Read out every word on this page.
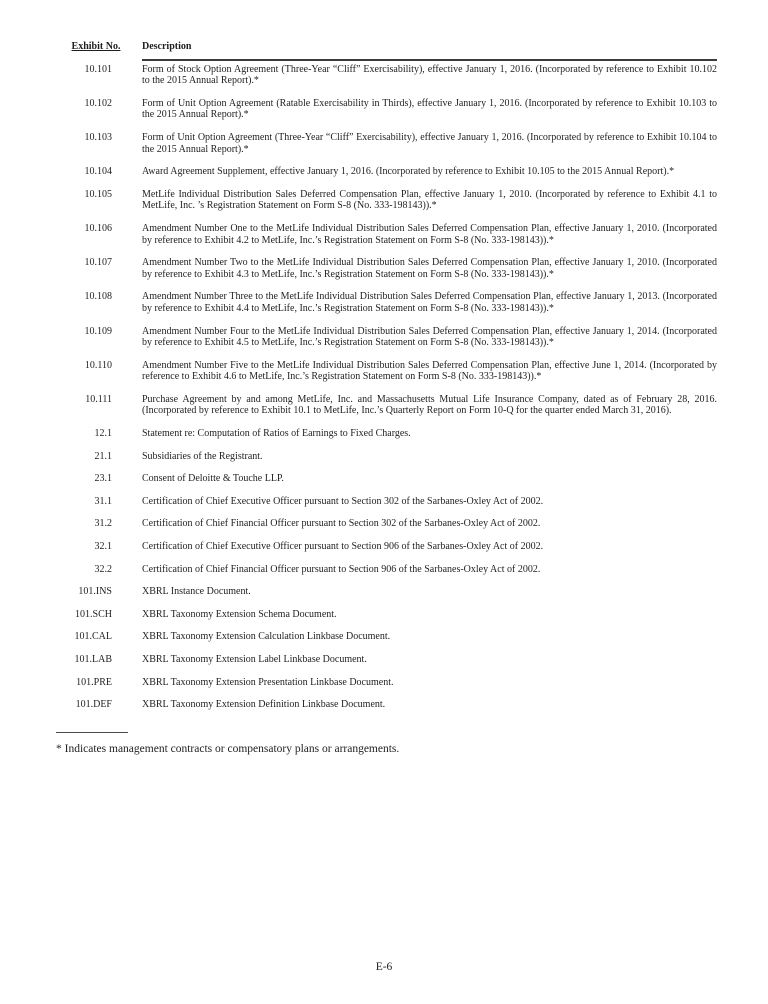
Exhibit No.	Description
10.101	Form of Stock Option Agreement (Three-Year “Cliff” Exercisability), effective January 1, 2016. (Incorporated by reference to Exhibit 10.102 to the 2015 Annual Report).*
10.102	Form of Unit Option Agreement (Ratable Exercisability in Thirds), effective January 1, 2016. (Incorporated by reference to Exhibit 10.103 to the 2015 Annual Report).*
10.103	Form of Unit Option Agreement (Three-Year “Cliff” Exercisability), effective January 1, 2016. (Incorporated by reference to Exhibit 10.104 to the 2015 Annual Report).*
10.104	Award Agreement Supplement, effective January 1, 2016. (Incorporated by reference to Exhibit 10.105 to the 2015 Annual Report).*
10.105	MetLife Individual Distribution Sales Deferred Compensation Plan, effective January 1, 2010. (Incorporated by reference to Exhibit 4.1 to MetLife, Inc. ’s Registration Statement on Form S-8 (No. 333-198143)).*
10.106	Amendment Number One to the MetLife Individual Distribution Sales Deferred Compensation Plan, effective January 1, 2010. (Incorporated by reference to Exhibit 4.2 to MetLife, Inc.’s Registration Statement on Form S-8 (No. 333-198143)).*
10.107	Amendment Number Two to the MetLife Individual Distribution Sales Deferred Compensation Plan, effective January 1, 2010. (Incorporated by reference to Exhibit 4.3 to MetLife, Inc.’s Registration Statement on Form S-8 (No. 333-198143)).*
10.108	Amendment Number Three to the MetLife Individual Distribution Sales Deferred Compensation Plan, effective January 1, 2013. (Incorporated by reference to Exhibit 4.4 to MetLife, Inc.’s Registration Statement on Form S-8 (No. 333-198143)).*
10.109	Amendment Number Four to the MetLife Individual Distribution Sales Deferred Compensation Plan, effective January 1, 2014. (Incorporated by reference to Exhibit 4.5 to MetLife, Inc.’s Registration Statement on Form S-8 (No. 333-198143)).*
10.110	Amendment Number Five to the MetLife Individual Distribution Sales Deferred Compensation Plan, effective June 1, 2014. (Incorporated by reference to Exhibit 4.6 to MetLife, Inc.’s Registration Statement on Form S-8 (No. 333-198143)).*
10.111	Purchase Agreement by and among MetLife, Inc. and Massachusetts Mutual Life Insurance Company, dated as of February 28, 2016. (Incorporated by reference to Exhibit 10.1 to MetLife, Inc.’s Quarterly Report on Form 10-Q for the quarter ended March 31, 2016).
12.1	Statement re: Computation of Ratios of Earnings to Fixed Charges.
21.1	Subsidiaries of the Registrant.
23.1	Consent of Deloitte & Touche LLP.
31.1	Certification of Chief Executive Officer pursuant to Section 302 of the Sarbanes-Oxley Act of 2002.
31.2	Certification of Chief Financial Officer pursuant to Section 302 of the Sarbanes-Oxley Act of 2002.
32.1	Certification of Chief Executive Officer pursuant to Section 906 of the Sarbanes-Oxley Act of 2002.
32.2	Certification of Chief Financial Officer pursuant to Section 906 of the Sarbanes-Oxley Act of 2002.
101.INS	XBRL Instance Document.
101.SCH	XBRL Taxonomy Extension Schema Document.
101.CAL	XBRL Taxonomy Extension Calculation Linkbase Document.
101.LAB	XBRL Taxonomy Extension Label Linkbase Document.
101.PRE	XBRL Taxonomy Extension Presentation Linkbase Document.
101.DEF	XBRL Taxonomy Extension Definition Linkbase Document.

* Indicates management contracts or compensatory plans or arrangements.

E-6
